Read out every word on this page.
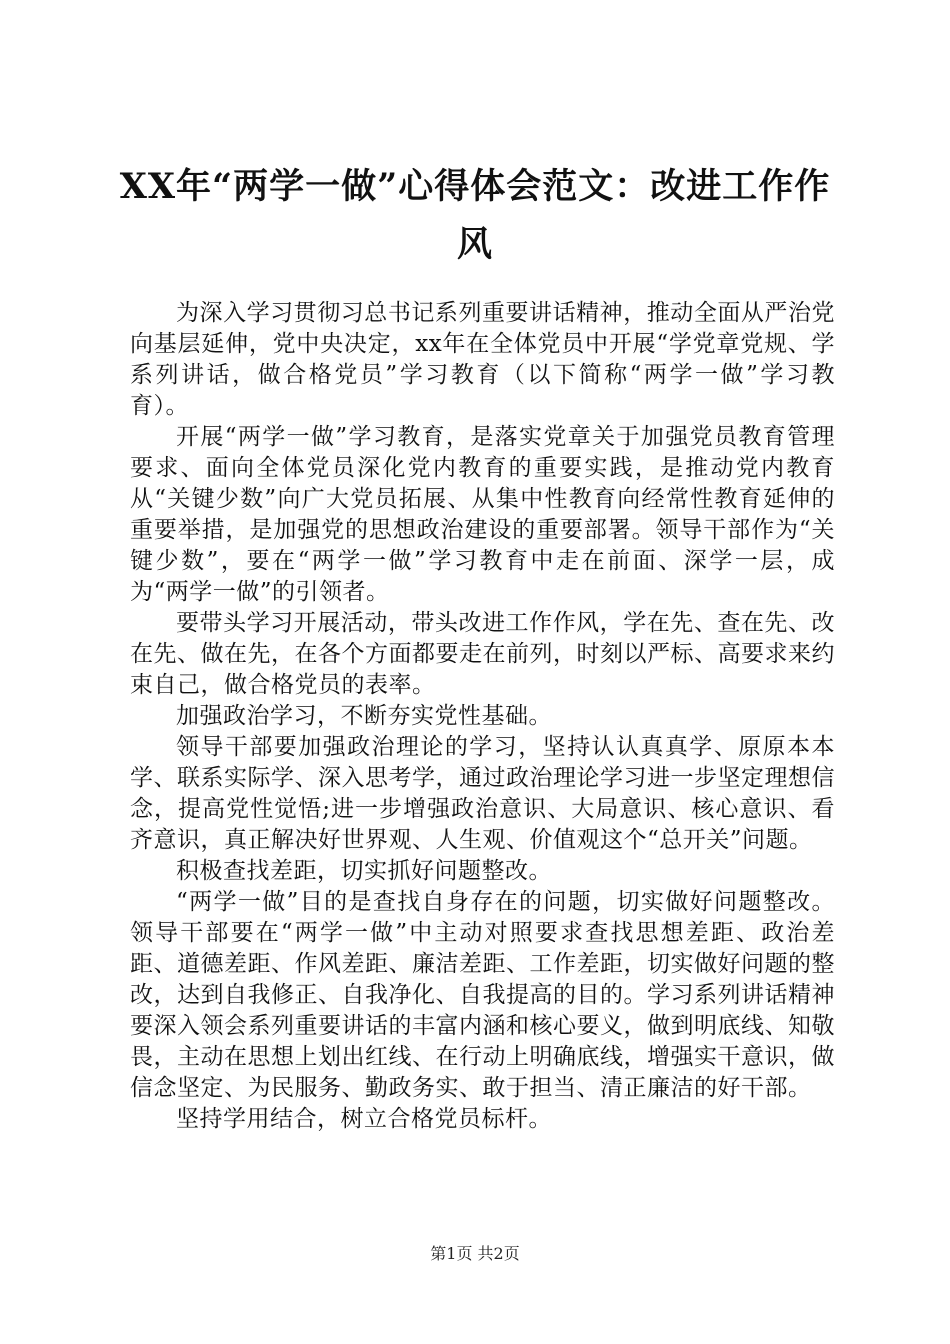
XX年“两学一做”心得体会范文：改进工作作风

为深入学习贯彻习总书记系列重要讲话精神，推动全面从严治党向基层延伸，党中央决定，xx年在全体党员中开展“学党章党规、学系列讲话，做合格党员”学习教育（以下简称“两学一做”学习教育）。

开展“两学一做”学习教育，是落实党章关于加强党员教育管理要求、面向全体党员深化党内教育的重要实践，是推动党内教育从“关键少数”向广大党员拓展、从集中性教育向经常性教育延伸的重要举措，是加强党的思想政治建设的重要部署。领导干部作为“关键少数”，要在“两学一做”学习教育中走在前面、深学一层，成为“两学一做”的引领者。

要带头学习开展活动，带头改进工作作风，学在先、查在先、改在先、做在先，在各个方面都要走在前列，时刻以严标、高要求来约束自己，做合格党员的表率。

加强政治学习，不断夯实党性基础。

领导干部要加强政治理论的学习，坚持认认真真学、原原本本学、联系实际学、深入思考学，通过政治理论学习进一步坚定理想信念，提高党性觉悟;进一步增强政治意识、大局意识、核心意识、看齐意识，真正解决好世界观、人生观、价值观这个“总开关”问题。

积极查找差距，切实抓好问题整改。

“两学一做”目的是查找自身存在的问题，切实做好问题整改。领导干部要在“两学一做”中主动对照要求查找思想差距、政治差距、道德差距、作风差距、廉洁差距、工作差距，切实做好问题的整改，达到自我修正、自我净化、自我提高的目的。学习系列讲话精神要深入领会系列重要讲话的丰富内涵和核心要义，做到明底线、知敬畏，主动在思想上划出红线、在行动上明确底线，增强实干意识，做信念坚定、为民服务、勤政务实、敢于担当、清正廉洁的好干部。

坚持学用结合，树立合格党员标杆。

第1页 共2页
